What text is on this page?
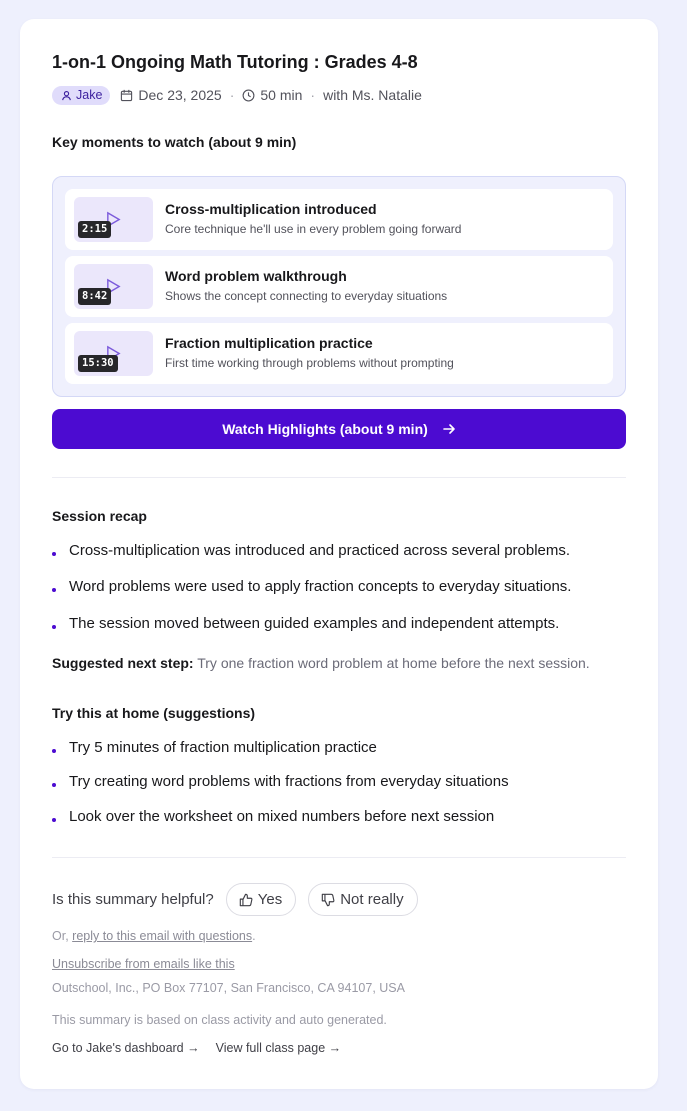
1-on-1 Ongoing Math Tutoring : Grades 4-8
Jake	Dec 23, 2025 · 50 min · with Ms. Natalie
Key moments to watch (about 9 min)
2:15
Cross-multiplication introduced
Core technique he'll use in every problem going forward
8:42
Word problem walkthrough
Shows the concept connecting to everyday situations
15:30
Fraction multiplication practice
First time working through problems without prompting
Watch Highlights (about 9 min)
Session recap
Cross-multiplication was introduced and practiced across several problems.
Word problems were used to apply fraction concepts to everyday situations.
The session moved between guided examples and independent attempts.

Suggested next step: Try one fraction word problem at home before the next session.

Try this at home (suggestions)
Try 5 minutes of fraction multiplication practice
Try creating word problems with fractions from everyday situations
Look over the worksheet on mixed numbers before next session
Is this summary helpful?	Yes	Not really

Or, reply to this email with questions.

Unsubscribe from emails like this

Outschool, Inc., PO Box 77107, San Francisco, CA 94107, USA

This summary is based on class activity and auto generated.

Go to Jake's dashboard → View full class page →
